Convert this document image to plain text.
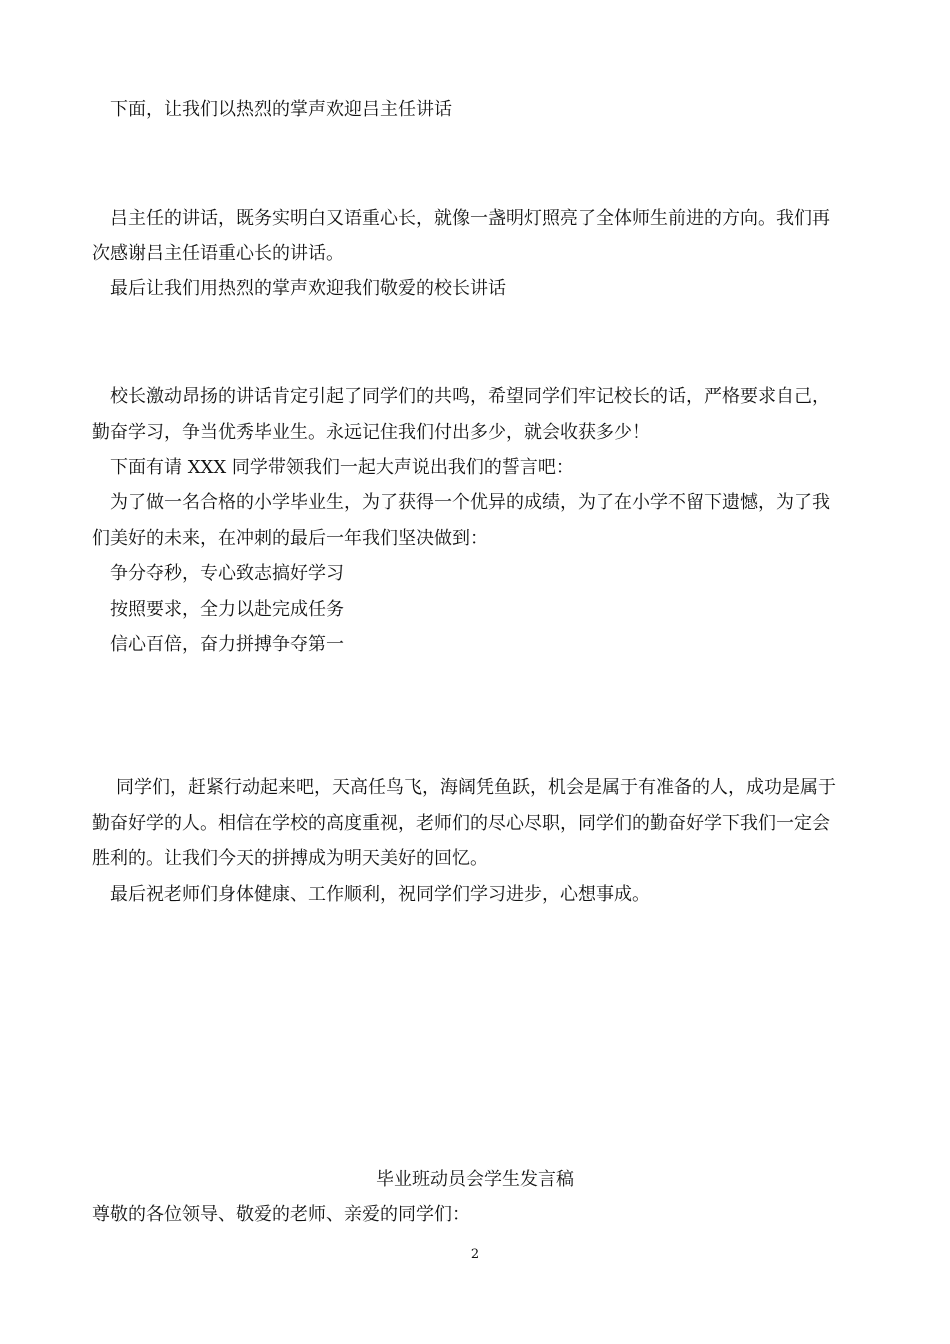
下面，让我们以热烈的掌声欢迎吕主任讲话
吕主任的讲话，既务实明白又语重心长，就像一盏明灯照亮了全体师生前进的方向。我们再
次感谢吕主任语重心长的讲话。
最后让我们用热烈的掌声欢迎我们敬爱的校长讲话
校长激动昂扬的讲话肯定引起了同学们的共鸣，希望同学们牢记校长的话，严格要求自己，
勤奋学习，争当优秀毕业生。永远记住我们付出多少，就会收获多少！
下面有请 XXX 同学带领我们一起大声说出我们的誓言吧：
为了做一名合格的小学毕业生，为了获得一个优异的成绩，为了在小学不留下遗憾，为了我
们美好的未来，在冲刺的最后一年我们坚决做到：
争分夺秒，专心致志搞好学习
按照要求，全力以赴完成任务
信心百倍，奋力拼搏争夺第一
同学们，赶紧行动起来吧，天高任鸟飞，海阔凭鱼跃，机会是属于有准备的人，成功是属于
勤奋好学的人。相信在学校的高度重视，老师们的尽心尽职，同学们的勤奋好学下我们一定会
胜利的。让我们今天的拼搏成为明天美好的回忆。
最后祝老师们身体健康、工作顺利，祝同学们学习进步，心想事成。
毕业班动员会学生发言稿
尊敬的各位领导、敬爱的老师、亲爱的同学们：
2
